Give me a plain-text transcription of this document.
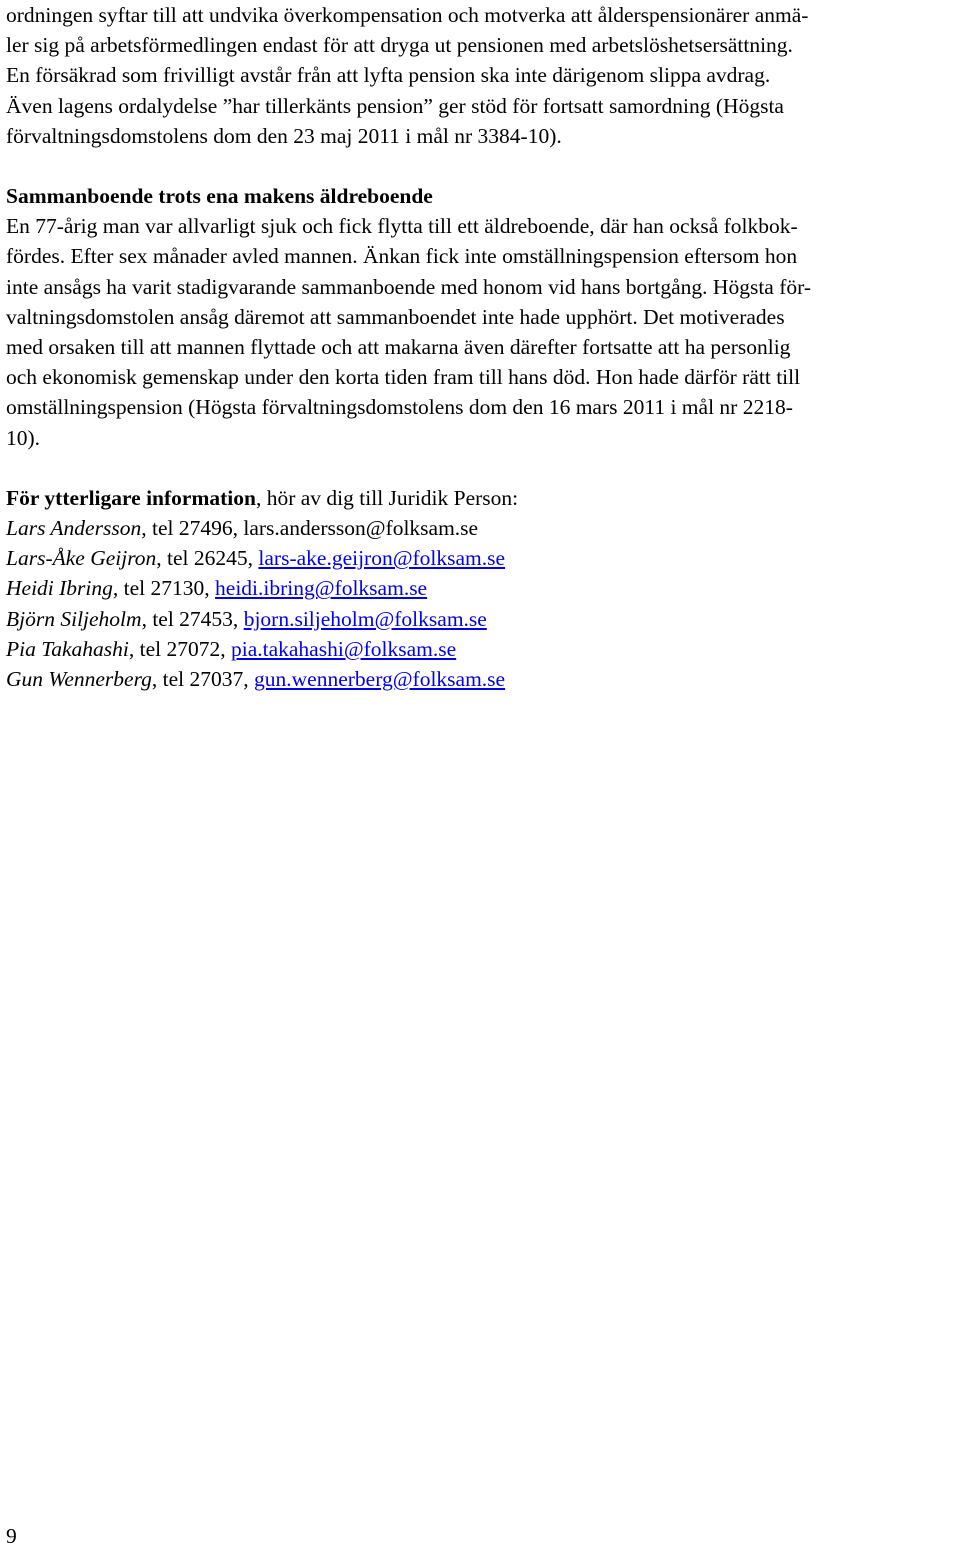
ordningen syftar till att undvika överkompensation och motverka att ålderspensionärer anmä-
ler sig på arbetsförmedlingen endast för att dryga ut pensionen med arbetslöshetsersättning.
En försäkrad som frivilligt avstår från att lyfta pension ska inte därigenom slippa avdrag.
Även lagens ordalydelse ”har tillerkänts pension” ger stöd för fortsatt samordning (Högsta
förvaltningsdomstolens dom den 23 maj 2011 i mål nr 3384-10).
Sammanboende trots ena makens äldreboende
En 77-årig man var allvarligt sjuk och fick flytta till ett äldreboende, där han också folkbok-
fördes. Efter sex månader avled mannen. Änkan fick inte omställningspension eftersom hon
inte ansågs ha varit stadigvarande sammanboende med honom vid hans bortgång. Högsta för-
valtningsdomstolen ansåg däremot att sammanboendet inte hade upphört. Det motiverades
med orsaken till att mannen flyttade och att makarna även därefter fortsatte att ha personlig
och ekonomisk gemenskap under den korta tiden fram till hans död. Hon hade därför rätt till
omställningspension (Högsta förvaltningsdomstolens dom den 16 mars 2011 i mål nr 2218-
10).
För ytterligare information, hör av dig till Juridik Person:
Lars Andersson, tel 27496, lars.andersson@folksam.se
Lars-Åke Geijron, tel 26245, lars-ake.geijron@folksam.se
Heidi Ibring, tel 27130, heidi.ibring@folksam.se
Björn Siljeholm, tel 27453, bjorn.siljeholm@folksam.se
Pia Takahashi, tel 27072, pia.takahashi@folksam.se
Gun Wennerberg, tel 27037, gun.wennerberg@folksam.se
9
